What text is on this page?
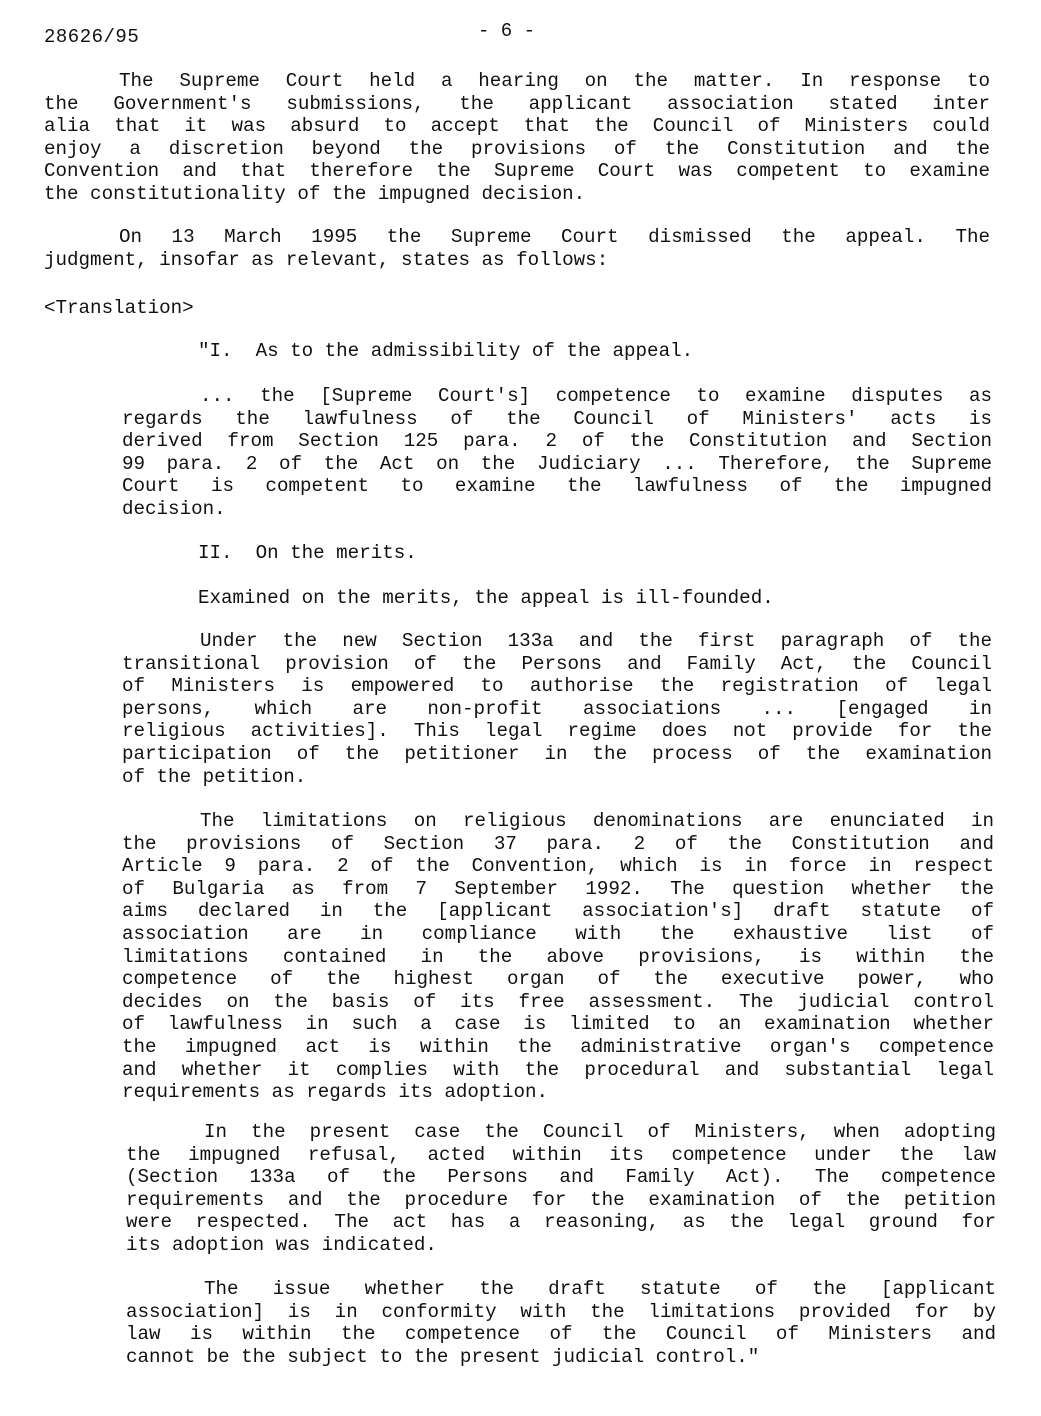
28626/95	- 6 -
The Supreme Court held a hearing on the matter. In response to
the Government's submissions, the applicant association stated inter
alia that it was absurd to accept that the Council of Ministers could
enjoy a discretion beyond the provisions of the Constitution and the
Convention and that therefore the Supreme Court was competent to examine
the constitutionality of the impugned decision.
On 13 March 1995 the Supreme Court dismissed the appeal. The
judgment, insofar as relevant, states as follows:
<Translation>
"I.  As to the admissibility of the appeal.
... the [Supreme Court's] competence to examine disputes as
regards the lawfulness of the Council of Ministers' acts is
derived from Section 125 para. 2 of the Constitution and Section
99 para. 2 of the Act on the Judiciary ... Therefore, the Supreme
Court is competent to examine the lawfulness of the impugned
decision.
II.  On the merits.
Examined on the merits, the appeal is ill-founded.
Under the new Section 133a and the first paragraph of the
transitional provision of the Persons and Family Act, the Council
of Ministers is empowered to authorise the registration of legal
persons, which are non-profit associations ... [engaged in
religious activities]. This legal regime does not provide for the
participation of the petitioner in the process of the examination
of the petition.
The limitations on religious denominations are enunciated in
the provisions of Section 37 para. 2 of the Constitution and
Article 9 para. 2 of the Convention, which is in force in respect
of Bulgaria as from 7 September 1992. The question whether the
aims declared in the [applicant association's] draft statute of
association are in compliance with the exhaustive list of
limitations contained in the above provisions, is within the
competence of the highest organ of the executive power, who
decides on the basis of its free assessment. The judicial control
of lawfulness in such a case is limited to an examination whether
the impugned act is within the administrative organ's competence
and whether it complies with the procedural and substantial legal
requirements as regards its adoption.
In the present case the Council of Ministers, when adopting
the impugned refusal, acted within its competence under the law
(Section 133a of the Persons and Family Act). The competence
requirements and the procedure for the examination of the petition
were respected. The act has a reasoning, as the legal ground for
its adoption was indicated.
The issue whether the draft statute of the [applicant
association] is in conformity with the limitations provided for by
law is within the competence of the Council of Ministers and
cannot be the subject to the present judicial control."
